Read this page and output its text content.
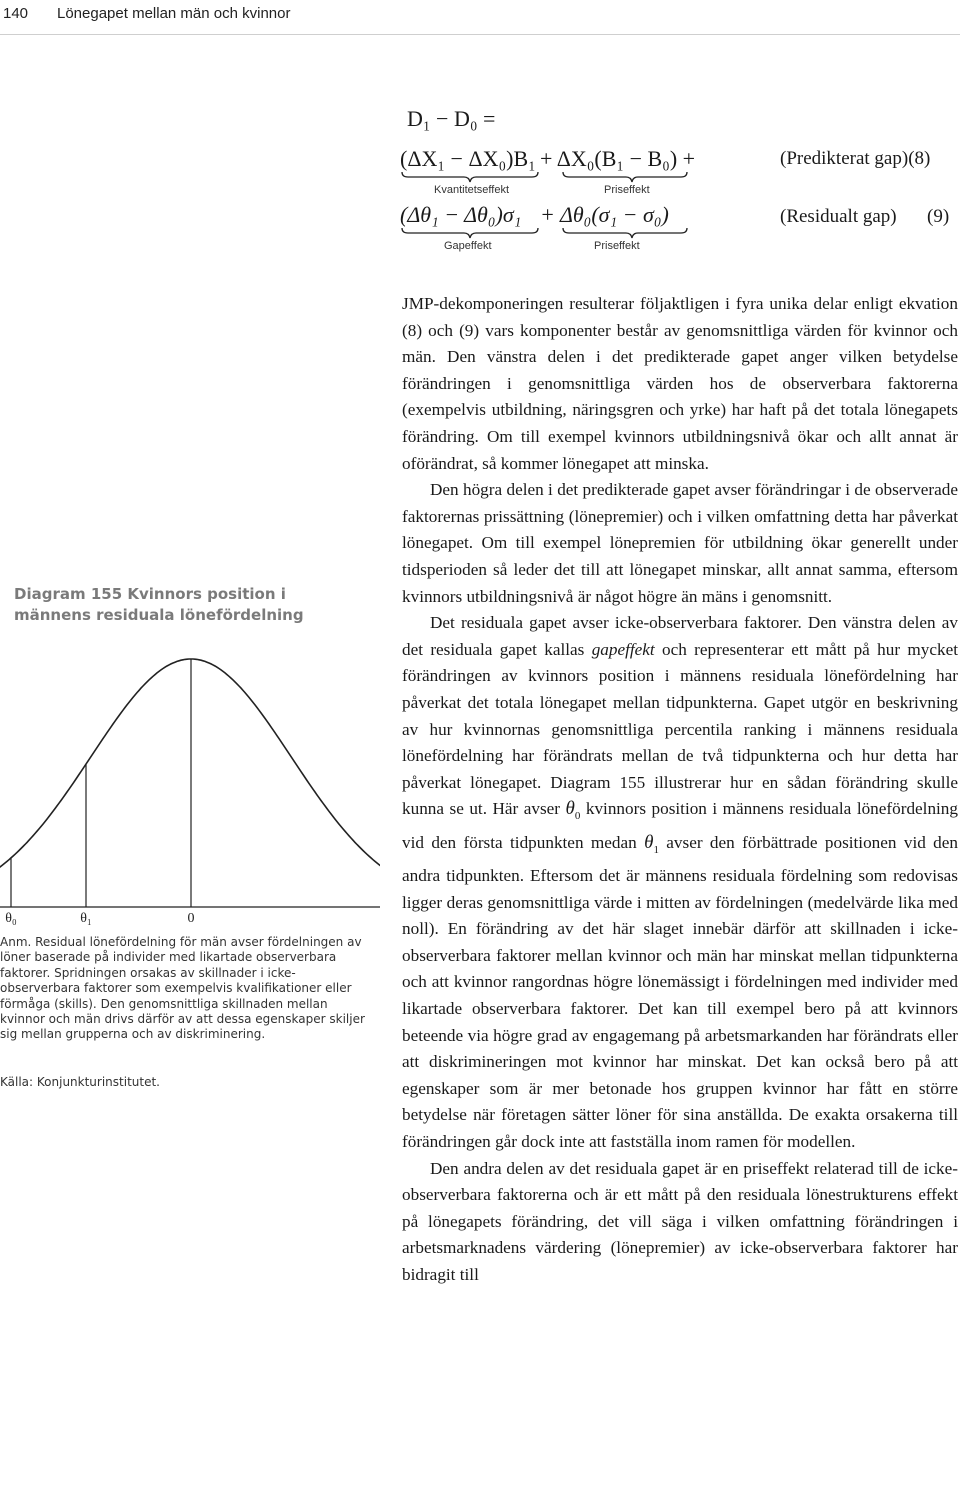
140 Lönegapet mellan män och kvinnor
D₁ − D₀ =
(ΔX₁ − ΔX₀)B₁ + ΔX₀(B₁ − B₀) +	(Predikterat gap)(8)
Kvantitetseffekt	Priseffekt
(Δθ₁ − Δθ₀)σ₁ + Δθ₀(σ₁ − σ₀)	(Residualt gap) (9)
Gapeffekt	Priseffekt
Diagram 155 Kvinnors position i männens residuala lönefördelning
θ₀	θ₁	0
Anm. Residual lönefördelning för män avser fördelningen av löner baserade på individer med likartade observerbara faktorer. Spridningen orsakas av skillnader i icke-observerbara faktorer som exempelvis kvalifikationer eller förmåga (skills). Den genomsnittliga skillnaden mellan kvinnor och män drivs därför av att dessa egenskaper skiljer sig mellan grupperna och av diskriminering.
Källa: Konjunkturinstitutet.

JMP-dekomponeringen resulterar följaktligen i fyra unika delar enligt ekvation (8) och (9) vars komponenter består av genomsnittliga värden för kvinnor och män. Den vänstra delen i det predikterade gapet anger vilken betydelse förändringen i genomsnittliga värden hos de observerbara faktorerna (exempelvis utbildning, näringsgren och yrke) har haft på det totala lönegapets förändring. Om till exempel kvinnors utbildningsnivå ökar och allt annat är oförändrat, så kommer lönegapet att minska.

Den högra delen i det predikterade gapet avser förändringar i de observerade faktorernas prissättning (lönepremier) och i vilken omfattning detta har påverkat lönegapet. Om till exempel lönepremien för utbildning ökar generellt under tidsperioden så leder det till att lönegapet minskar, allt annat samma, eftersom kvinnors utbildningsnivå är något högre än mäns i genomsnitt.

Det residuala gapet avser icke-observerbara faktorer. Den vänstra delen av det residuala gapet kallas gapeffekt och representerar ett mått på hur mycket förändringen av kvinnors position i männens residuala lönefördelning har påverkat det totala lönegapet mellan tidpunkterna. Gapet utgör en beskrivning av hur kvinnornas genomsnittliga percentila ranking i männens residuala lönefördelning har förändrats mellan de två tidpunkterna och hur detta har påverkat lönegapet. Diagram 155 illustrerar hur en sådan förändring skulle kunna se ut. Här avser $\theta_0$ kvinnors position i männens residuala lönefördelning vid den första tidpunkten medan $\theta_1$ avser den förbättrade positionen vid den andra tidpunkten. Eftersom det är männens residuala fördelning som redovisas ligger deras genomsnittliga värde i mitten av fördelningen (medelvärde lika med noll). En förändring av det här slaget innebär därför att skillnaden i icke-observerbara faktorer mellan kvinnor och män har minskat mellan tidpunkterna och att kvinnor rangordnas högre lönemässigt i fördelningen med individer med likartade observerbara faktorer. Det kan till exempel bero på att kvinnors beteende via högre grad av engagemang på arbetsmarkanden har förändrats eller att diskrimineringen mot kvinnor har minskat. Det kan också bero på att egenskaper som är mer betonade hos gruppen kvinnor har fått en större betydelse när företagen sätter löner för sina anställda. De exakta orsakerna till förändringen går dock inte att fastställa inom ramen för modellen.

Den andra delen av det residuala gapet är en priseffekt relaterad till de icke-observerbara faktorerna och är ett mått på den residuala lönestrukturens effekt på lönegapets förändring, det vill säga i vilken omfattning förändringen i arbetsmarknadens värdering (lönepremier) av icke-observerbara faktorer har bidragit till
